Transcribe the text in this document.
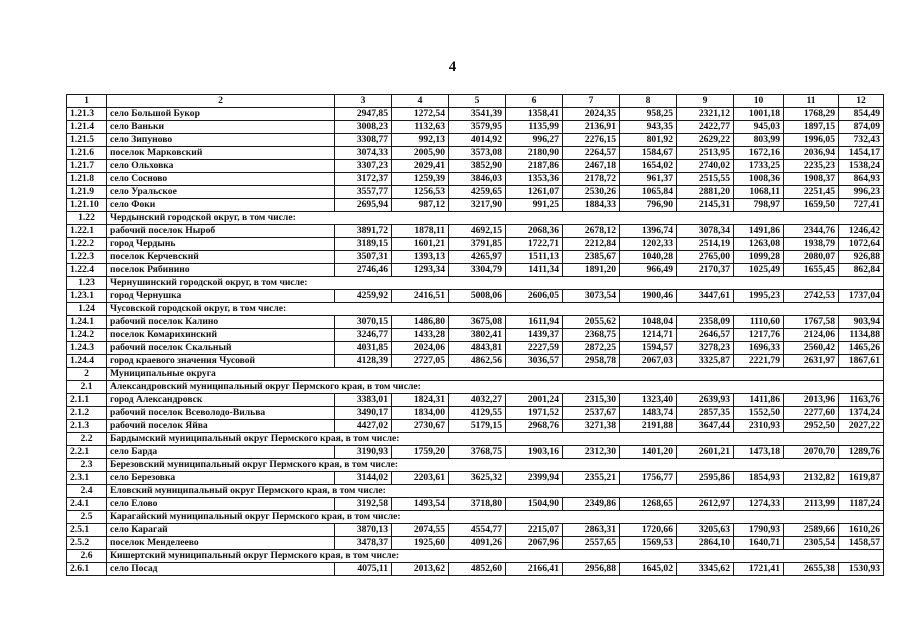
4
1	2	3	4	5	6	7	8	9	10	11	12
1.21.3	село Большой Букор	2947,85	1272,54	3541,39	1358,41	2024,35	958,25	2321,12	1001,18	1768,29	854,49
1.21.4	село Ваньки	3008,23	1132,63	3579,95	1135,99	2136,91	943,35	2422,77	945,03	1897,15	874,09
1.21.5	село Зипуново	3308,77	992,13	4014,92	996,27	2276,15	801,92	2629,22	803,99	1996,05	732,43
1.21.6	поселок Марковский	3074,33	2005,90	3573,08	2180,90	2264,57	1584,67	2513,95	1672,16	2036,94	1454,17
1.21.7	село Ольховка	3307,23	2029,41	3852,90	2187,86	2467,18	1654,02	2740,02	1733,25	2235,23	1538,24
1.21.8	село Сосново	3172,37	1259,39	3846,03	1353,36	2178,72	961,37	2515,55	1008,36	1908,37	864,93
1.21.9	село Уральское	3557,77	1256,53	4259,65	1261,07	2530,26	1065,84	2881,20	1068,11	2251,45	996,23
1.21.10	село Фоки	2695,94	987,12	3217,90	991,25	1884,33	796,90	2145,31	798,97	1659,50	727,41
1.22	Чердынский городской округ, в том числе:										
1.22.1	рабочий поселок Ныроб	3891,72	1878,11	4692,15	2068,36	2678,12	1396,74	3078,34	1491,86	2344,76	1246,42
1.22.2	город Чердынь	3189,15	1601,21	3791,85	1722,71	2212,84	1202,33	2514,19	1263,08	1938,79	1072,64
1.22.3	поселок Керчевский	3507,31	1393,13	4265,97	1511,13	2385,67	1040,28	2765,00	1099,28	2080,07	926,88
1.22.4	поселок Рябинино	2746,46	1293,34	3304,79	1411,34	1891,20	966,49	2170,37	1025,49	1655,45	862,84
1.23	Чернушинский городской округ, в том числе:										
1.23.1	город Чернушка	4259,92	2416,51	5008,06	2606,05	3073,54	1900,46	3447,61	1995,23	2742,53	1737,04
1.24	Чусовской городской округ, в том числе:										
1.24.1	рабочий поселок Калино	3070,15	1486,80	3675,08	1611,94	2055,62	1048,04	2358,09	1110,60	1767,58	903,94
1.24.2	поселок Комарихинский	3246,77	1433,28	3802,41	1439,37	2368,75	1214,71	2646,57	1217,76	2124,06	1134,88
1.24.3	рабочий поселок Скальный	4031,85	2024,06	4843,81	2227,59	2872,25	1594,57	3278,23	1696,33	2560,42	1465,26
1.24.4	город краевого значения Чусовой	4128,39	2727,05	4862,56	3036,57	2958,78	2067,03	3325,87	2221,79	2631,97	1867,61
2	Муниципальные округа										
2.1	Александровский муниципальный округ Пермского края, в том числе:										
2.1.1	город Александровск	3383,01	1824,31	4032,27	2001,24	2315,30	1323,40	2639,93	1411,86	2013,96	1163,76
2.1.2	рабочий поселок Всеволодо-Вильва	3490,17	1834,00	4129,55	1971,52	2537,67	1483,74	2857,35	1552,50	2277,60	1374,24
2.1.3	рабочий поселок Яйва	4427,02	2730,67	5179,15	2968,76	3271,38	2191,88	3647,44	2310,93	2952,50	2027,22
2.2	Бардымский муниципальный округ Пермского края, в том числе:										
2.2.1	село Барда	3190,93	1759,20	3768,75	1903,16	2312,30	1401,20	2601,21	1473,18	2070,70	1289,76
2.3	Березовский муниципальный округ Пермского края, в том числе:										
2.3.1	село Березовка	3144,02	2203,61	3625,32	2399,94	2355,21	1756,77	2595,86	1854,93	2132,82	1619,87
2.4	Еловский муниципальный округ Пермского края, в том числе:										
2.4.1	село Елово	3192,58	1493,54	3718,80	1504,90	2349,86	1268,65	2612,97	1274,33	2113,99	1187,24
2.5	Карагайский муниципальный округ Пермского края, в том числе:										
2.5.1	село Карагай	3870,13	2074,55	4554,77	2215,07	2863,31	1720,66	3205,63	1790,93	2589,66	1610,26
2.5.2	поселок Менделеево	3478,37	1925,60	4091,26	2067,96	2557,65	1569,53	2864,10	1640,71	2305,54	1458,57
2.6	Кишертский муниципальный округ Пермского края, в том числе:										
2.6.1	село Посад	4075,11	2013,62	4852,60	2166,41	2956,88	1645,02	3345,62	1721,41	2655,38	1530,93
